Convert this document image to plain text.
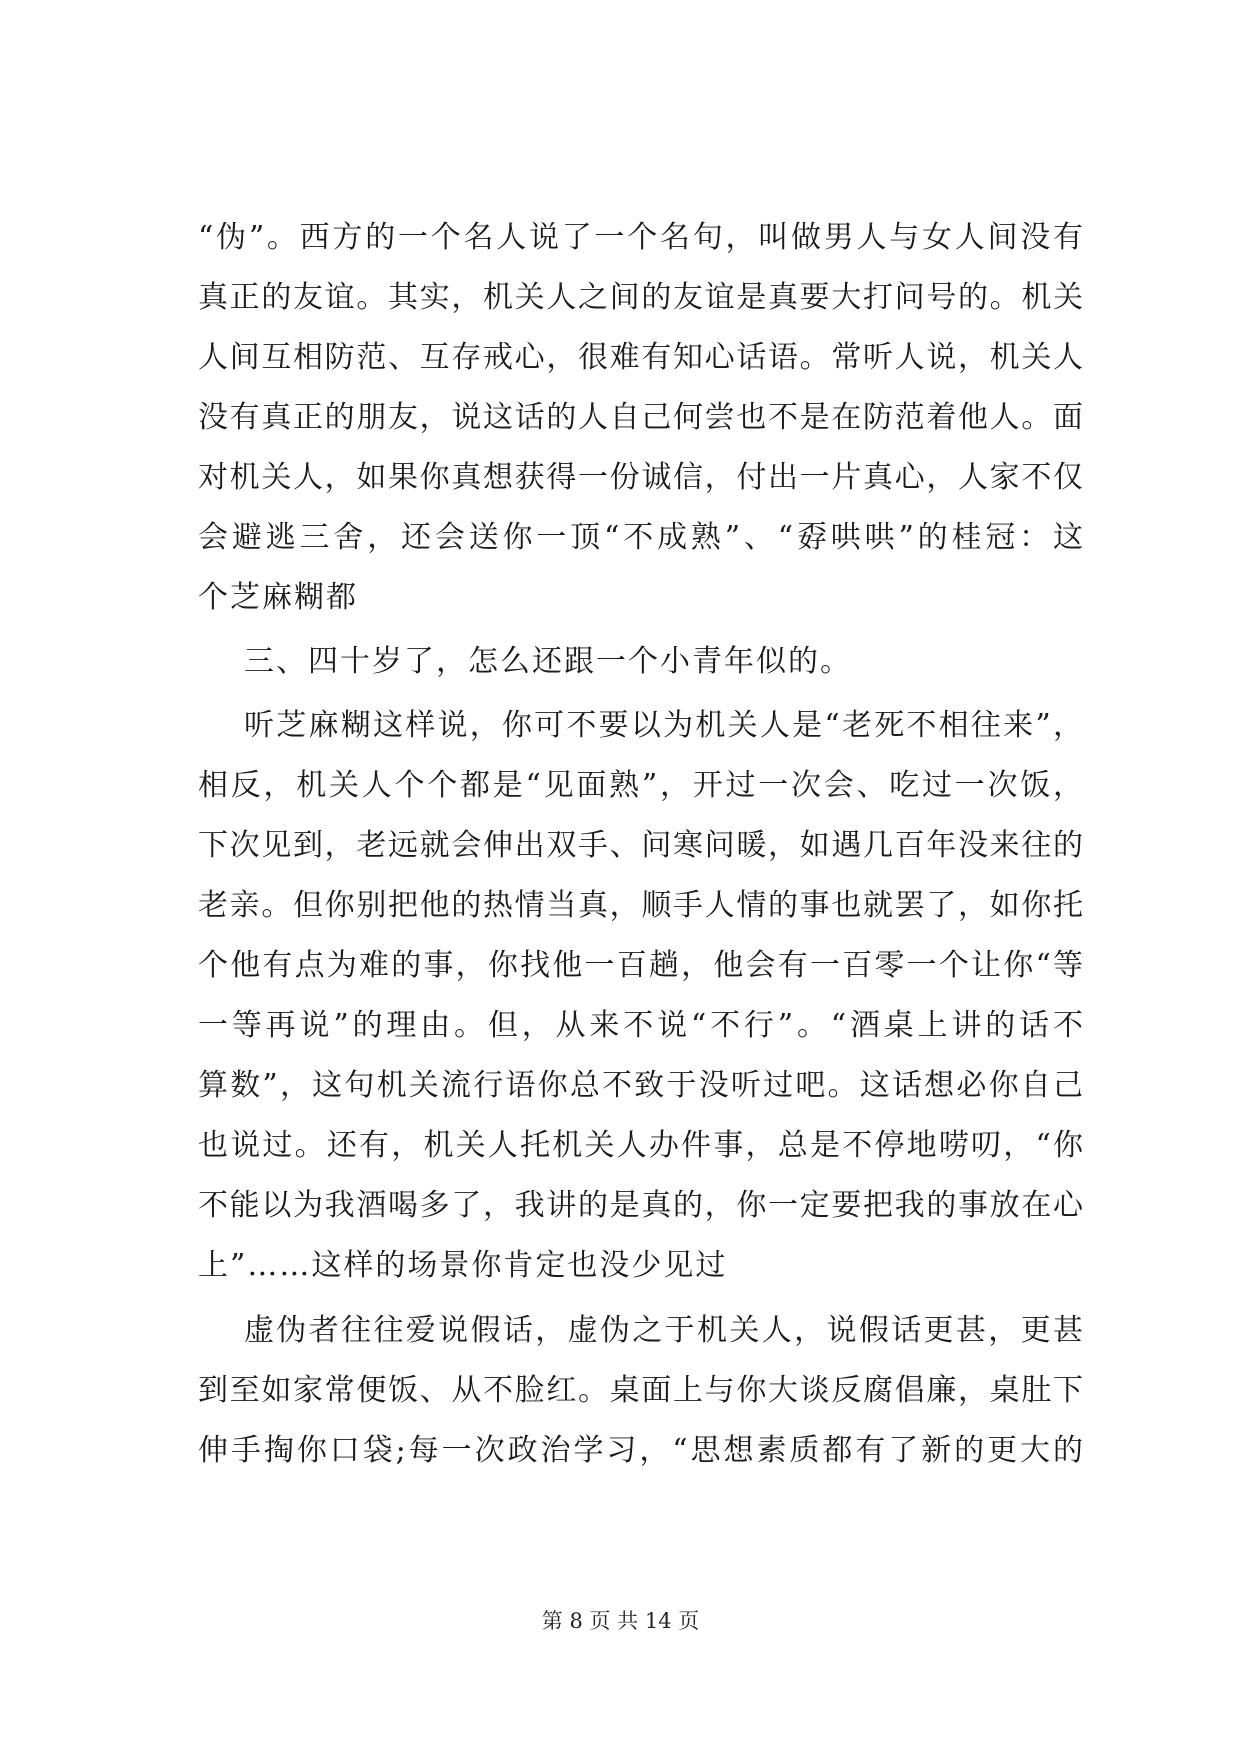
“伪”。西方的一个名人说了一个名句，叫做男人与女人间没有
真正的友谊。其实，机关人之间的友谊是真要大打问号的。机关
人间互相防范、互存戒心，很难有知心话语。常听人说，机关人
没有真正的朋友，说这话的人自己何尝也不是在防范着他人。面
对机关人，如果你真想获得一份诚信，付出一片真心，人家不仅
会避逃三舍，还会送你一顶“不成熟”、“孬哄哄”的桂冠：这
个芝麻糊都
三、四十岁了，怎么还跟一个小青年似的。
听芝麻糊这样说，你可不要以为机关人是“老死不相往来”，
相反，机关人个个都是“见面熟”，开过一次会、吃过一次饭，
下次见到，老远就会伸出双手、问寒问暖，如遇几百年没来往的
老亲。但你别把他的热情当真，顺手人情的事也就罢了，如你托
个他有点为难的事，你找他一百趟，他会有一百零一个让你“等
一等再说”的理由。但，从来不说“不行”。“酒桌上讲的话不
算数”，这句机关流行语你总不致于没听过吧。这话想必你自己
也说过。还有，机关人托机关人办件事，总是不停地唠叨，“你
不能以为我酒喝多了，我讲的是真的，你一定要把我的事放在心
上”……这样的场景你肯定也没少见过
虚伪者往往爱说假话，虚伪之于机关人，说假话更甚，更甚
到至如家常便饭、从不脸红。桌面上与你大谈反腐倡廉，桌肚下
伸手掏你口袋;每一次政治学习，“思想素质都有了新的更大的
第 8 页 共 14 页
